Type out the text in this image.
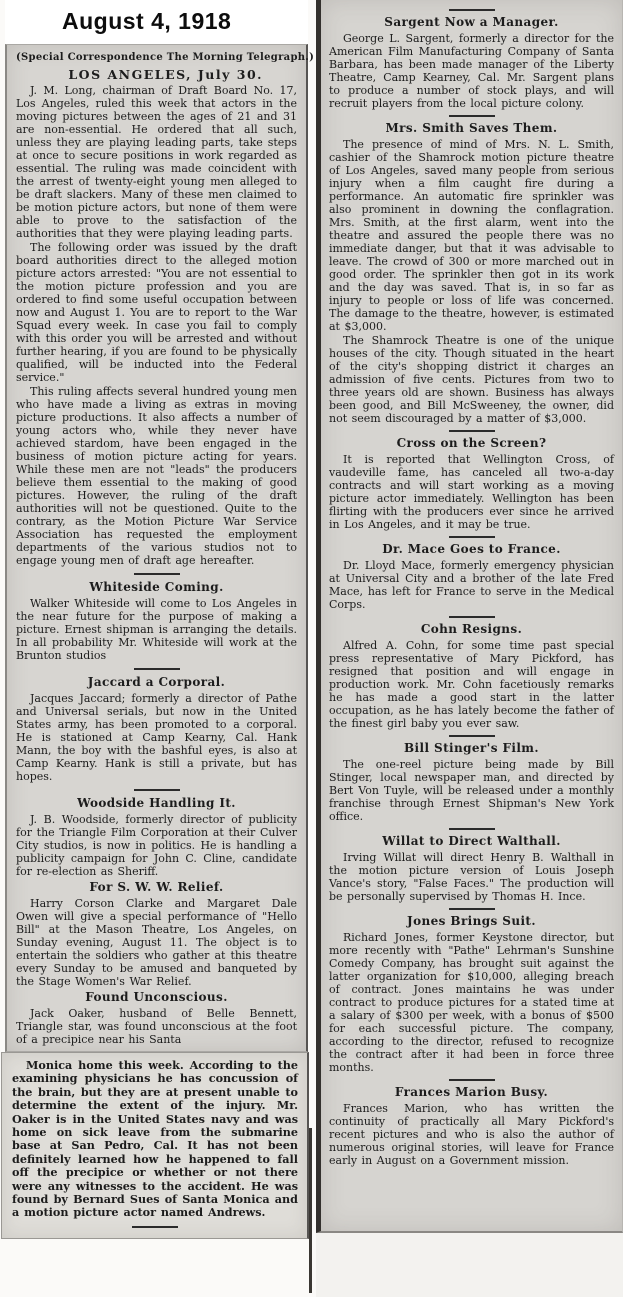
August 4, 1918
(Special Correspondence The Morning Telegraph.)
LOS ANGELES, July 30.

J. M. Long, chairman of Draft Board No. 17, Los Angeles, ruled this week that actors in the moving pictures between the ages of 21 and 31 are non-essential. He ordered that all such, unless they are playing leading parts, take steps at once to secure positions in work regarded as essential. The ruling was made coincident with the arrest of twenty-eight young men alleged to be draft slackers. Many of these men claimed to be motion picture actors, but none of them were able to prove to the satisfaction of the authorities that they were playing leading parts.

The following order was issued by the draft board authorities direct to the alleged motion picture actors arrested: "You are not essential to the motion picture profession and you are ordered to find some useful occupation between now and August 1. You are to report to the War Squad every week. In case you fail to comply with this order you will be arrested and without further hearing, if you are found to be physically qualified, will be inducted into the Federal service."

This ruling affects several hundred young men who have made a living as extras in moving picture productions. It also affects a number of young actors who, while they never have achieved stardom, have been engaged in the business of motion picture acting for years. While these men are not "leads" the producers believe them essential to the making of good pictures. However, the ruling of the draft authorities will not be questioned. Quite to the contrary, as the Motion Picture War Service Association has requested the employment departments of the various studios not to engage young men of draft age hereafter.

Whiteside Coming.

Walker Whiteside will come to Los Angeles in the near future for the purpose of making a picture. Ernest shipman is arranging the details. In all probability Mr. Whiteside will work at the Brunton studios

Jaccard a Corporal.

Jacques Jaccard; formerly a director of Pathe and Universal serials, but now in the United States army, has been promoted to a corporal. He is stationed at Camp Kearny, Cal. Hank Mann, the boy with the bashful eyes, is also at Camp Kearny. Hank is still a private, but has hopes.

Woodside Handling It.

J. B. Woodside, formerly director of publicity for the Triangle Film Corporation at their Culver City studios, is now in politics. He is handling a publicity campaign for John C. Cline, candidate for re-election as Sheriff.

For S. W. W. Relief.

Harry Corson Clarke and Margaret Dale Owen will give a special performance of "Hello Bill" at the Mason Theatre, Los Angeles, on Sunday evening, August 11. The object is to entertain the soldiers who gather at this theatre every Sunday to be amused and banqueted by the Stage Women's War Relief.

Found Unconscious.

Jack Oaker, husband of Belle Bennett, Triangle star, was found unconscious at the foot of a precipice near his Santa

Monica home this week. According to the examining physicians he has concussion of the brain, but they are at present unable to determine the extent of the injury. Mr. Oaker is in the United States navy and was home on sick leave from the submarine base at San Pedro, Cal. It has not been definitely learned how he happened to fall off the precipice or whether or not there were any witnesses to the accident. He was found by Bernard Sues of Santa Monica and a motion picture actor named Andrews.

Sargent Now a Manager.

George L. Sargent, formerly a director for the American Film Manufacturing Company of Santa Barbara, has been made manager of the Liberty Theatre, Camp Kearney, Cal. Mr. Sargent plans to produce a number of stock plays, and will recruit players from the local picture colony.

Mrs. Smith Saves Them.

The presence of mind of Mrs. N. L. Smith, cashier of the Shamrock motion picture theatre of Los Angeles, saved many people from serious injury when a film caught fire during a performance. An automatic fire sprinkler was also prominent in downing the conflagration. Mrs. Smith, at the first alarm, went into the theatre and assured the people there was no immediate danger, but that it was advisable to leave. The crowd of 300 or more marched out in good order. The sprinkler then got in its work and the day was saved. That is, in so far as injury to people or loss of life was concerned. The damage to the theatre, however, is estimated at $3,000.

The Shamrock Theatre is one of the unique houses of the city. Though situated in the heart of the city's shopping district it charges an admission of five cents. Pictures from two to three years old are shown. Business has always been good, and Bill McSweeney, the owner, did not seem discouraged by a matter of $3,000.

Cross on the Screen?

It is reported that Wellington Cross, of vaudeville fame, has canceled all two-a-day contracts and will start working as a moving picture actor immediately. Wellington has been flirting with the producers ever since he arrived in Los Angeles, and it may be true.

Dr. Mace Goes to France.

Dr. Lloyd Mace, formerly emergency physician at Universal City and a brother of the late Fred Mace, has left for France to serve in the Medical Corps.

Cohn Resigns.

Alfred A. Cohn, for some time past special press representative of Mary Pickford, has resigned that position and will engage in production work. Mr. Cohn facetiously remarks he has made a good start in the latter occupation, as he has lately become the father of the finest girl baby you ever saw.

Bill Stinger's Film.

The one-reel picture being made by Bill Stinger, local newspaper man, and directed by Bert Von Tuyle, will be released under a monthly franchise through Ernest Shipman's New York office.

Willat to Direct Walthall.

Irving Willat will direct Henry B. Walthall in the motion picture version of Louis Joseph Vance's story, "False Faces." The production will be personally supervised by Thomas H. Ince.

Jones Brings Suit.

Richard Jones, former Keystone director, but more recently with "Pathe" Lehrman's Sunshine Comedy Company, has brought suit against the latter organization for $10,000, alleging breach of contract. Jones maintains he was under contract to produce pictures for a stated time at a salary of $300 per week, with a bonus of $500 for each successful picture. The company, according to the director, refused to recognize the contract after it had been in force three months.

Frances Marion Busy.

Frances Marion, who has written the continuity of practically all Mary Pickford's recent pictures and who is also the author of numerous original stories, will leave for France early in August on a Government mission.
